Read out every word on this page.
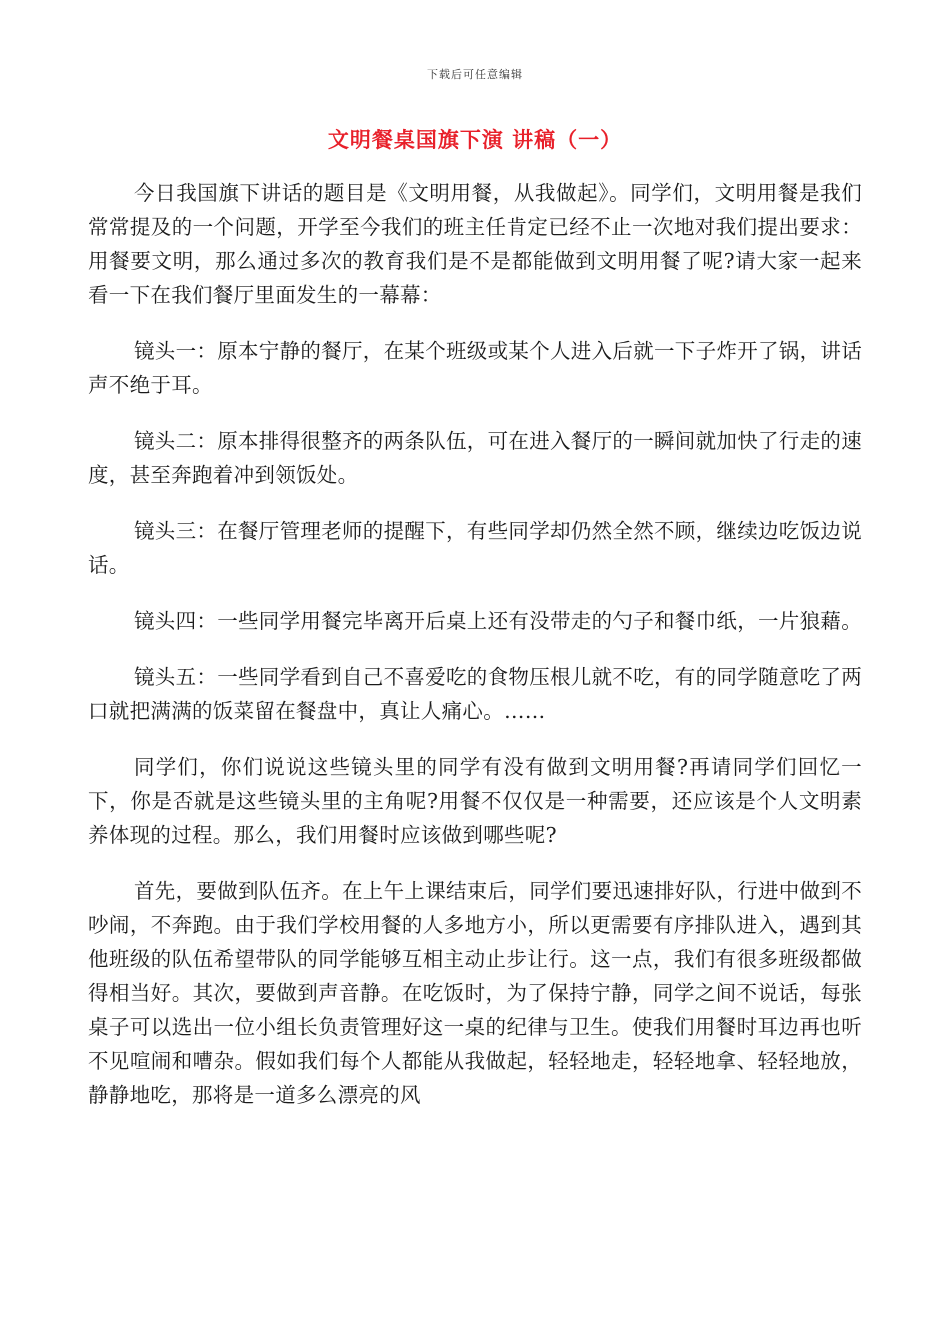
下载后可任意编辑
文明餐桌国旗下演 讲稿（一）

今日我国旗下讲话的题目是《文明用餐，从我做起》。同学们，文明用餐是我们常常提及的一个问题，开学至今我们的班主任肯定已经不止一次地对我们提出要求：用餐要文明，那么通过多次的教育我们是不是都能做到文明用餐了呢?请大家一起来看一下在我们餐厅里面发生的一幕幕：

镜头一：原本宁静的餐厅，在某个班级或某个人进入后就一下子炸开了锅，讲话声不绝于耳。

镜头二：原本排得很整齐的两条队伍，可在进入餐厅的一瞬间就加快了行走的速度，甚至奔跑着冲到领饭处。

镜头三：在餐厅管理老师的提醒下，有些同学却仍然全然不顾，继续边吃饭边说话。

镜头四：一些同学用餐完毕离开后桌上还有没带走的勺子和餐巾纸，一片狼藉。

镜头五：一些同学看到自己不喜爱吃的食物压根儿就不吃，有的同学随意吃了两口就把满满的饭菜留在餐盘中，真让人痛心。……

同学们，你们说说这些镜头里的同学有没有做到文明用餐?再请同学们回忆一下，你是否就是这些镜头里的主角呢?用餐不仅仅是一种需要，还应该是个人文明素养体现的过程。那么，我们用餐时应该做到哪些呢?

首先，要做到队伍齐。在上午上课结束后，同学们要迅速排好队，行进中做到不吵闹，不奔跑。由于我们学校用餐的人多地方小，所以更需要有序排队进入，遇到其他班级的队伍希望带队的同学能够互相主动止步让行。这一点，我们有很多班级都做得相当好。其次，要做到声音静。在吃饭时，为了保持宁静，同学之间不说话，每张桌子可以选出一位小组长负责管理好这一桌的纪律与卫生。使我们用餐时耳边再也听不见喧闹和嘈杂。假如我们每个人都能从我做起，轻轻地走，轻轻地拿、轻轻地放，静静地吃，那将是一道多么漂亮的风
